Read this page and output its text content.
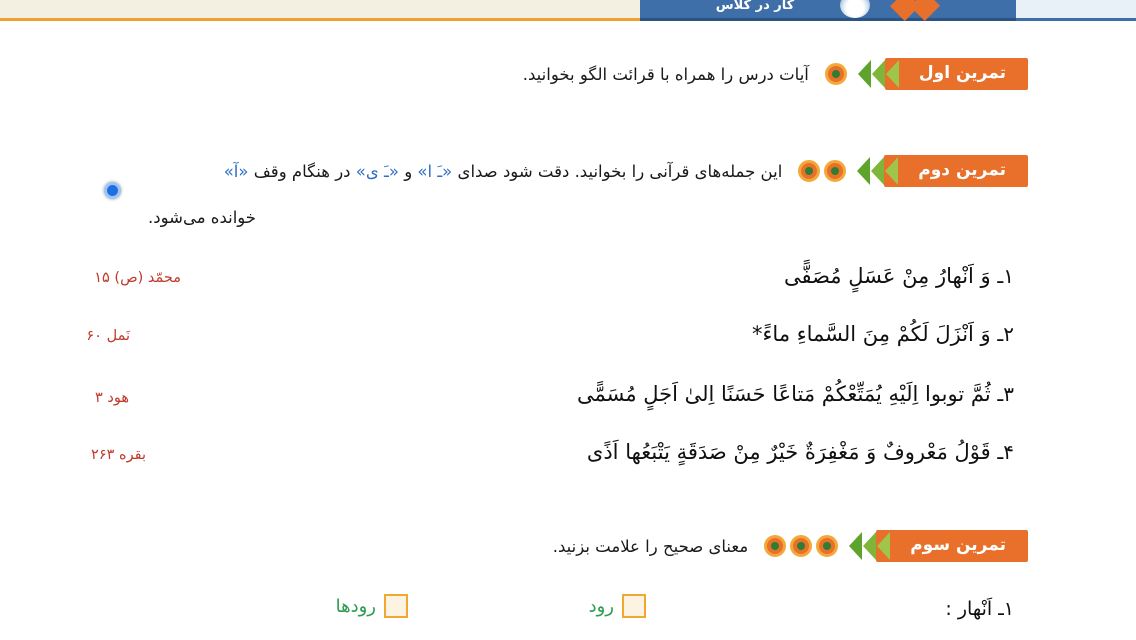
کار در کلاس
تمرین اول
آیات درس را همراه با قرائت الگو بخوانید.
تمرین دوم
این جمله‌های قرآنی را بخوانید. دقت شود صدای «ـَ ا» و «ـَ ی» در هنگام وقف «آ»
خوانده می‌شود.
۱ـ وَ اَنْهارُ مِنْ عَسَلٍ مُصَفًّی
محمّد (ص) ۱۵
۲ـ وَ اَنْزَلَ لَکُمْ مِنَ السَّماءِ ماءً*
نَمل ۶۰
۳ـ ثُمَّ توبوا اِلَیْهِ یُمَتِّعْکُمْ مَتاعًا حَسَنًا اِلیٰ اَجَلٍ مُسَمًّی
هود ۳
۴ـ قَوْلُ مَعْروفٌ وَ مَغْفِرَةٌ خَیْرٌ مِنْ صَدَقَةٍ یَتْبَعُها اَذًی
بقره ۲۶۳
تمرین سوم
معنای صحیح را علامت بزنید.
۱ـ اَنْهار :
رود
رودها
